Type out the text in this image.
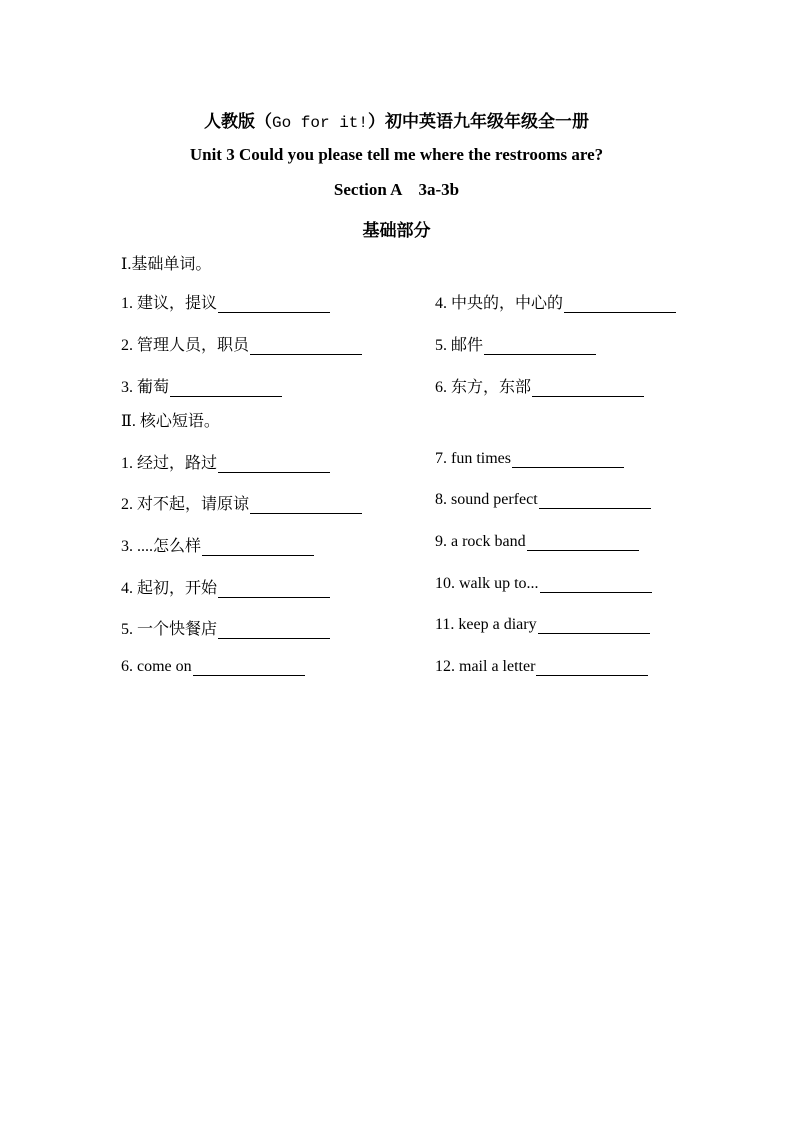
人教版（Go for it!）初中英语九年级年级全一册
Unit 3 Could you please tell me where the restrooms are?
Section A    3a-3b
基础部分
Ⅰ.基础单词。
1. 建议，提议
2. 管理人员，职员
3. 葡萄
4. 中央的，中心的
5. 邮件
6. 东方，东部
Ⅱ. 核心短语。
1. 经过，路过
2. 对不起，请原谅
3. ....怎么样
4. 起初，开始
5. 一个快餐店
6. come on
7. fun times
8. sound perfect
9. a rock band
10. walk up to...
11. keep a diary
12. mail a letter
